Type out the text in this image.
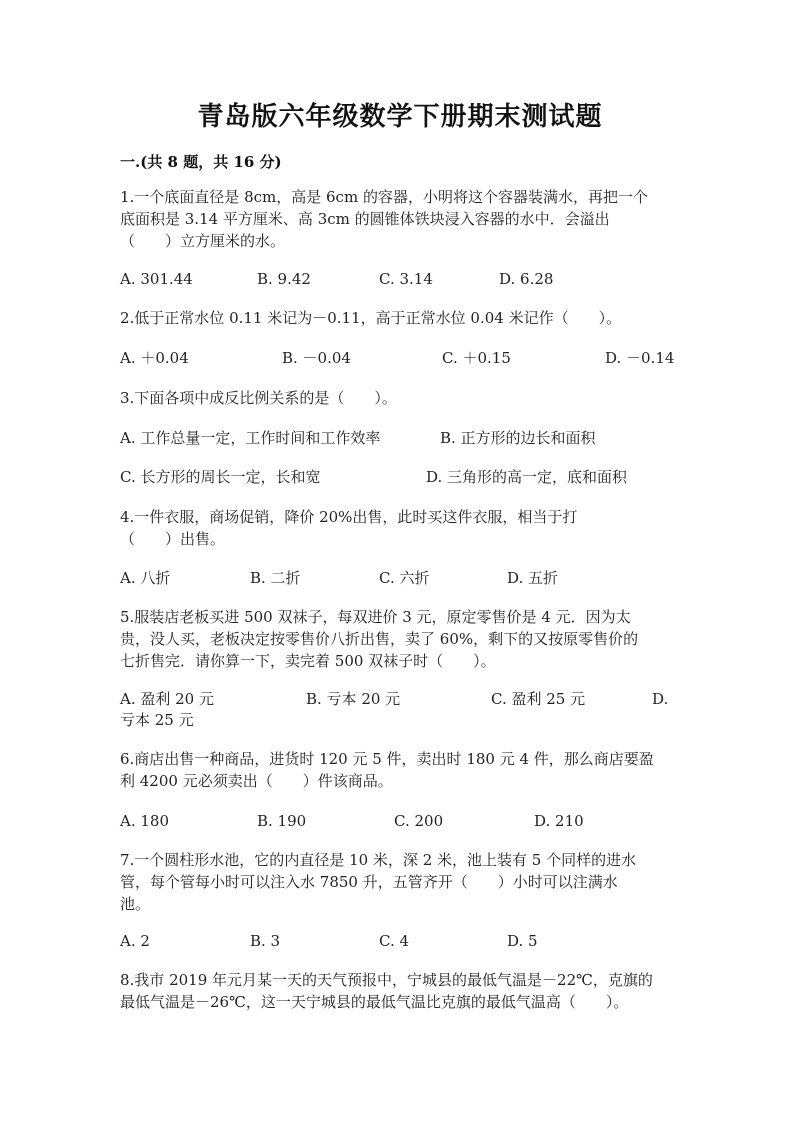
青岛版六年级数学下册期末测试题
一.(共 8 题，共 16 分)
1.一个底面直径是 8cm，高是 6cm 的容器，小明将这个容器装满水，再把一个
底面积是 3.14 平方厘米、高 3cm 的圆锥体铁块浸入容器的水中．会溢出
（　　）立方厘米的水。
A. 301.44	B. 9.42	C. 3.14	D. 6.28
2.低于正常水位 0.11 米记为－0.11，高于正常水位 0.04 米记作（　　）。
A. ＋0.04	B. －0.04	C. ＋0.15	D. －0.14
3.下面各项中成反比例关系的是（　　）。
A. 工作总量一定，工作时间和工作效率	B. 正方形的边长和面积
C. 长方形的周长一定，长和宽	D. 三角形的高一定，底和面积
4.一件衣服，商场促销，降价 20%出售，此时买这件衣服，相当于打
（　　）出售。
A. 八折	B. 二折	C. 六折	D. 五折
5.服装店老板买进 500 双袜子，每双进价 3 元，原定零售价是 4 元．因为太
贵，没人买，老板决定按零售价八折出售，卖了 60%，剩下的又按原零售价的
七折售完．请你算一下，卖完着 500 双袜子时（　　）。
A. 盈利 20 元	B. 亏本 20 元	C. 盈利 25 元	D.
亏本 25 元
6.商店出售一种商品，进货时 120 元 5 件，卖出时 180 元 4 件，那么商店要盈
利 4200 元必须卖出（　　）件该商品。
A. 180	B. 190	C. 200	D. 210
7.一个圆柱形水池，它的内直径是 10 米，深 2 米，池上装有 5 个同样的进水
管，每个管每小时可以注入水 7850 升，五管齐开（　　）小时可以注满水
池。
A. 2	B. 3	C. 4	D. 5
8.我市 2019 年元月某一天的天气预报中，宁城县的最低气温是－22℃，克旗的
最低气温是－26℃，这一天宁城县的最低气温比克旗的最低气温高（　　）。
